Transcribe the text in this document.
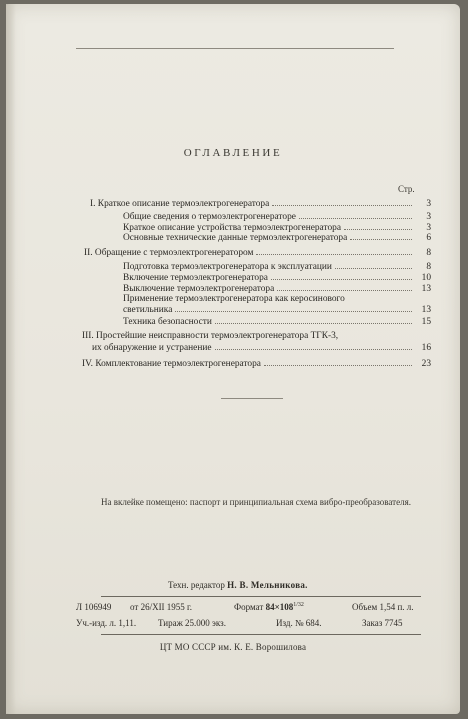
ОГЛАВЛЕНИЕ
Стр.
I. Краткое описание термоэлектрогенератора	3
Общие сведения о термоэлектрогенераторе	3
Краткое описание устройства термоэлектрогенератора	3
Основные технические данные термоэлектрогенератора	6
II. Обращение с термоэлектрогенератором	8
Подготовка термоэлектрогенератора к эксплуатации	8
Включение термоэлектрогенератора	10
Выключение термоэлектрогенератора	13
Применение термоэлектрогенератора как керосинового
светильника	13
Техника безопасности	15
III. Простейшие неисправности термоэлектрогенератора ТГК-3,
их обнаружение и устранение	16
IV. Комплектование термоэлектрогенератора	23
На вклейке помещено: паспорт и принципиальная схема вибро-преобразователя.
Техн. редактор Н. В. Мельникова.
Л 106949 от 26/XII 1955 г.	Формат $84\times 108^{1/32}$	Объем 1,54 п. л.
Уч.-изд. л. 1,11. Тираж 25.000 экз.	Изд. № 684.	Заказ 7745
ЦТ МО СССР им. К. Е. Ворошилова
